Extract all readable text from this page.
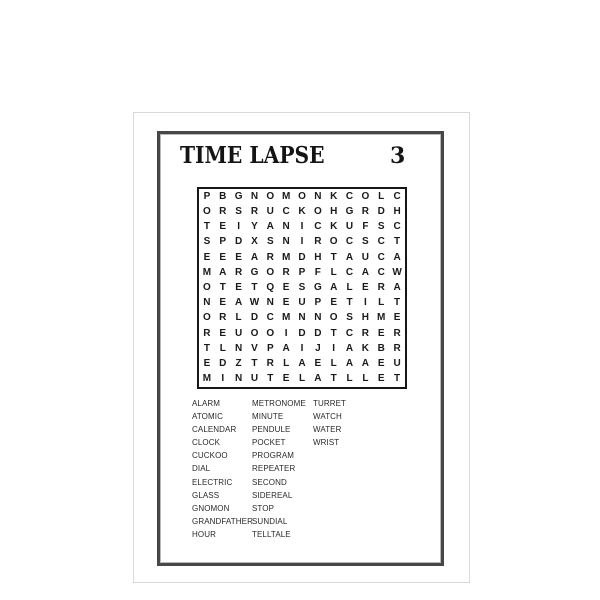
TIME LAPSE	3
P B G N O M O N K C O L C
O R S R U C K O H G R D H
T E	I	Y A N	I	C K U F S C
S P D X S N	I	R O C S C T
E E E A R M D H T A U C A
M A R G O R P F L C A C W
O T E T Q E S G A L E R A
N E A W N E U P E T	I	L T
O R L D C M N N O S H M E
R E U O O	I	D D T C R E R
T L N V P A	I	J	I	A K B R
E D Z T R L A E L A A E U
M	I	N U T E L A T L L E T
ALARM
ATOMIC
CALENDAR
CLOCK
CUCKOO
DIAL
ELECTRIC
GLASS
GNOMON
GRANDFATHER
HOUR
METRONOME
MINUTE
PENDULE
POCKET
PROGRAM
REPEATER
SECOND
SIDEREAL
STOP
SUNDIAL
TELLTALE
TURRET
WATCH
WATER
WRIST
